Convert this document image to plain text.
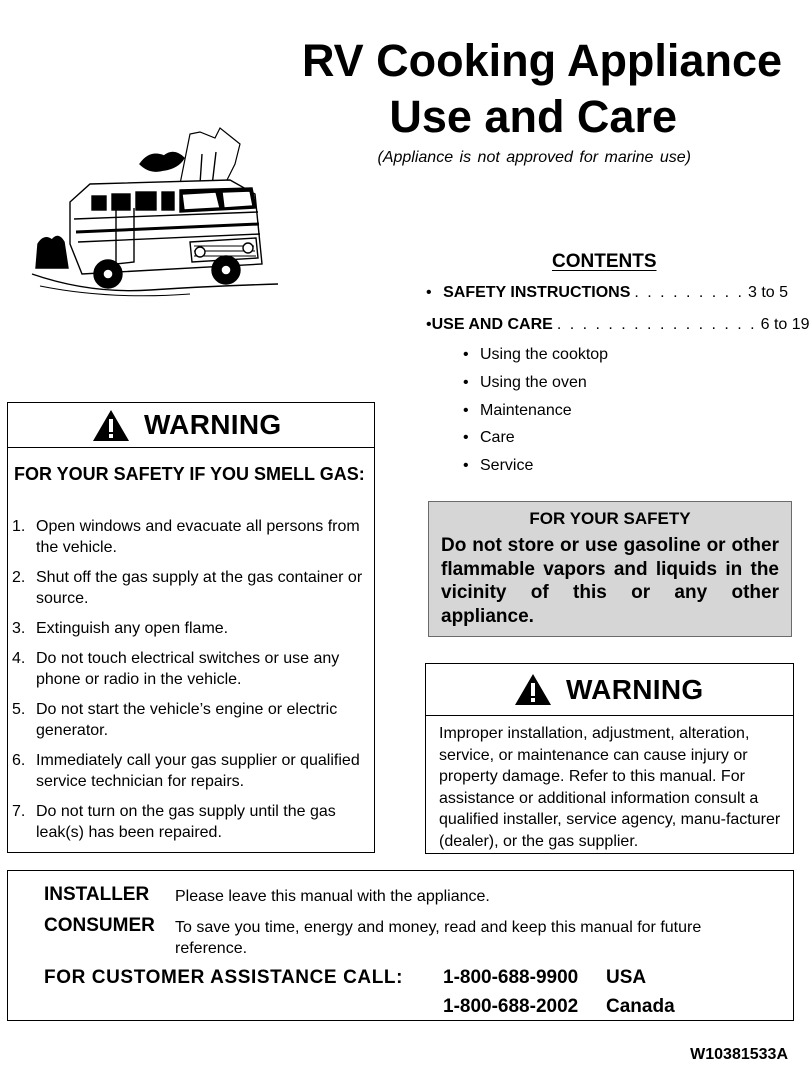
RV Cooking Appliance
Use and Care
(Appliance is not approved for marine use)
CONTENTS
• SAFETY INSTRUCTIONS . . . . . . . . . 3 to 5
• USE AND CARE . . . . . . . . . . . . . . . . 6 to 19
• Using the cooktop
• Using the oven
• Maintenance
• Care
• Service
WARNING
FOR YOUR SAFETY IF YOU SMELL GAS:
1. Open windows and evacuate all persons from the vehicle.
2. Shut off the gas supply at the gas container or source.
3. Extinguish any open flame.
4. Do not touch electrical switches or use any phone or radio in the vehicle.
5. Do not start the vehicle’s engine or electric generator.
6. Immediately call your gas supplier or qualified service technician for repairs.
7. Do not turn on the gas supply until the gas leak(s) has been repaired.
FOR YOUR SAFETY
Do not store or use gasoline or other flammable vapors and liquids in the vicinity of this or any other appliance.
WARNING
Improper installation, adjustment, alteration, service, or maintenance can cause injury or property damage. Refer to this manual. For assistance or additional information consult a qualified installer, service agency, manu-facturer (dealer), or the gas supplier.
INSTALLER Please leave this manual with the appliance.
CONSUMER To save you time, energy and money, read and keep this manual for future reference.
FOR CUSTOMER ASSISTANCE CALL: 1-800-688-9900 USA
1-800-688-2002 Canada
W10381533A
